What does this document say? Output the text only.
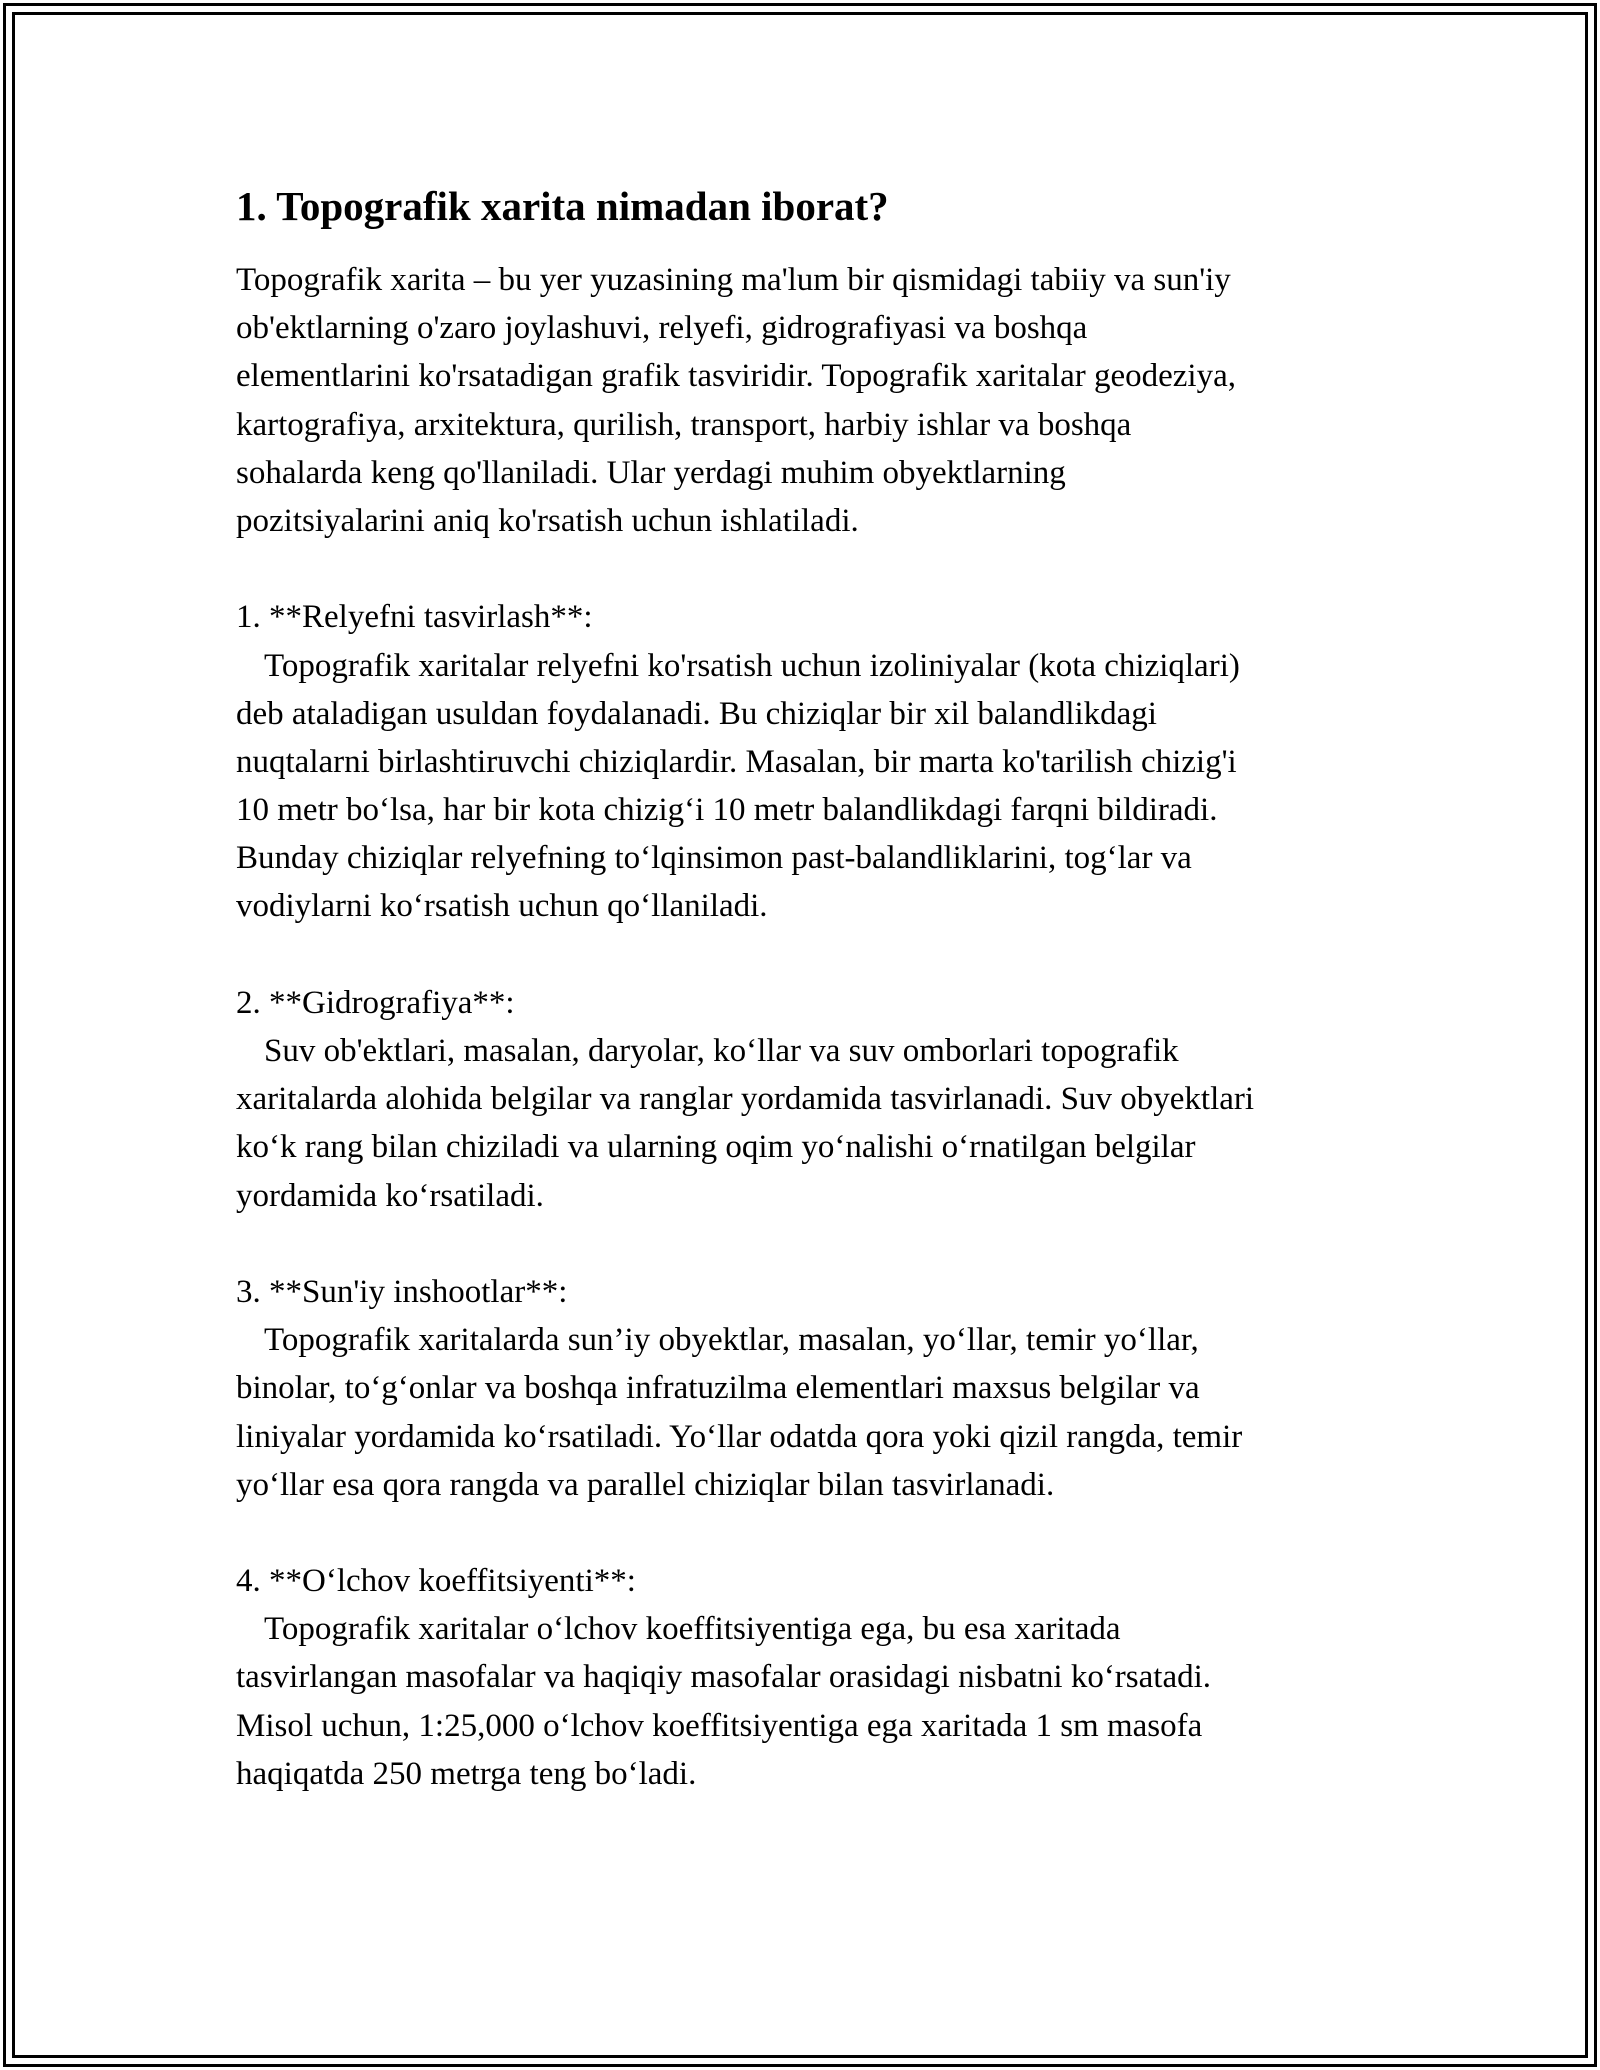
1. Topografik xarita nimadan iborat?
Topografik xarita – bu yer yuzasining ma'lum bir qismidagi tabiiy va sun'iy
ob'ektlarning o'zaro joylashuvi, relyefi, gidrografiyasi va boshqa
elementlarini ko'rsatadigan grafik tasviridir. Topografik xaritalar geodeziya,
kartografiya, arxitektura, qurilish, transport, harbiy ishlar va boshqa
sohalarda keng qo'llaniladi. Ular yerdagi muhim obyektlarning
pozitsiyalarini aniq ko'rsatish uchun ishlatiladi.
1. **Relyefni tasvirlash**:
Topografik xaritalar relyefni ko'rsatish uchun izoliniyalar (kota chiziqlari)
deb ataladigan usuldan foydalanadi. Bu chiziqlar bir xil balandlikdagi
nuqtalarni birlashtiruvchi chiziqlardir. Masalan, bir marta ko'tarilish chizig'i
10 metr bo‘lsa, har bir kota chizig‘i 10 metr balandlikdagi farqni bildiradi.
Bunday chiziqlar relyefning to‘lqinsimon past-balandliklarini, tog‘lar va
vodiylarni ko‘rsatish uchun qo‘llaniladi.
2. **Gidrografiya**:
Suv ob'ektlari, masalan, daryolar, ko‘llar va suv omborlari topografik
xaritalarda alohida belgilar va ranglar yordamida tasvirlanadi. Suv obyektlari
ko‘k rang bilan chiziladi va ularning oqim yo‘nalishi o‘rnatilgan belgilar
yordamida ko‘rsatiladi.
3. **Sun'iy inshootlar**:
Topografik xaritalarda sun’iy obyektlar, masalan, yo‘llar, temir yo‘llar,
binolar, to‘g‘onlar va boshqa infratuzilma elementlari maxsus belgilar va
liniyalar yordamida ko‘rsatiladi. Yo‘llar odatda qora yoki qizil rangda, temir
yo‘llar esa qora rangda va parallel chiziqlar bilan tasvirlanadi.
4. **O‘lchov koeffitsiyenti**:
Topografik xaritalar o‘lchov koeffitsiyentiga ega, bu esa xaritada
tasvirlangan masofalar va haqiqiy masofalar orasidagi nisbatni ko‘rsatadi.
Misol uchun, 1:25,000 o‘lchov koeffitsiyentiga ega xaritada 1 sm masofa
haqiqatda 250 metrga teng bo‘ladi.
